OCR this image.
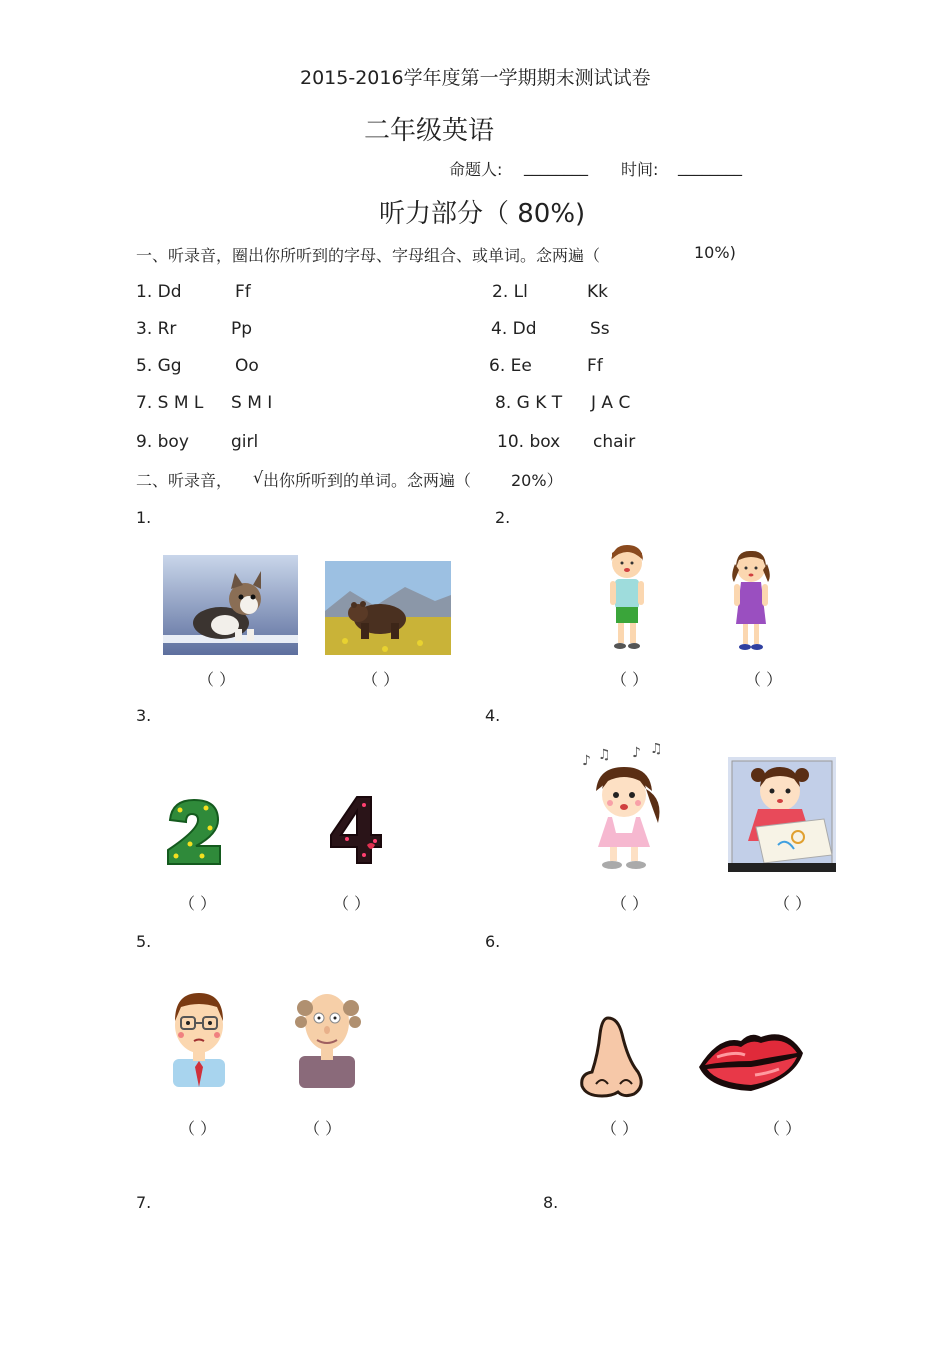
2015-2016学年度第一学期期末测试试卷
二年级英语
命题人: ________ 时间: ________
听力部分（ 80%)
一、听录音，圈出你所听到的字母、字母组合、或单词。念两遍（	10%)
1. Dd	Ff	2. Ll	Kk
3. Rr	Pp	4. Dd	Ss
5. Gg	Oo	6. Ee	Ff
7. S M L S M I	8. G K T J A C
9. boy girl	10. box chair
二、听录音， √ 出你所听到的单词。念两遍（ 20%）
1.	2.
3.	4.
5.	6.
7.	8.
（ ）	（ ）	（ ）	（ ）
（ ）	（ ）	（ ）	（ ）
（ ）	（ ）	（ ）	（ ）
♪ ♫ ♪ ♫
